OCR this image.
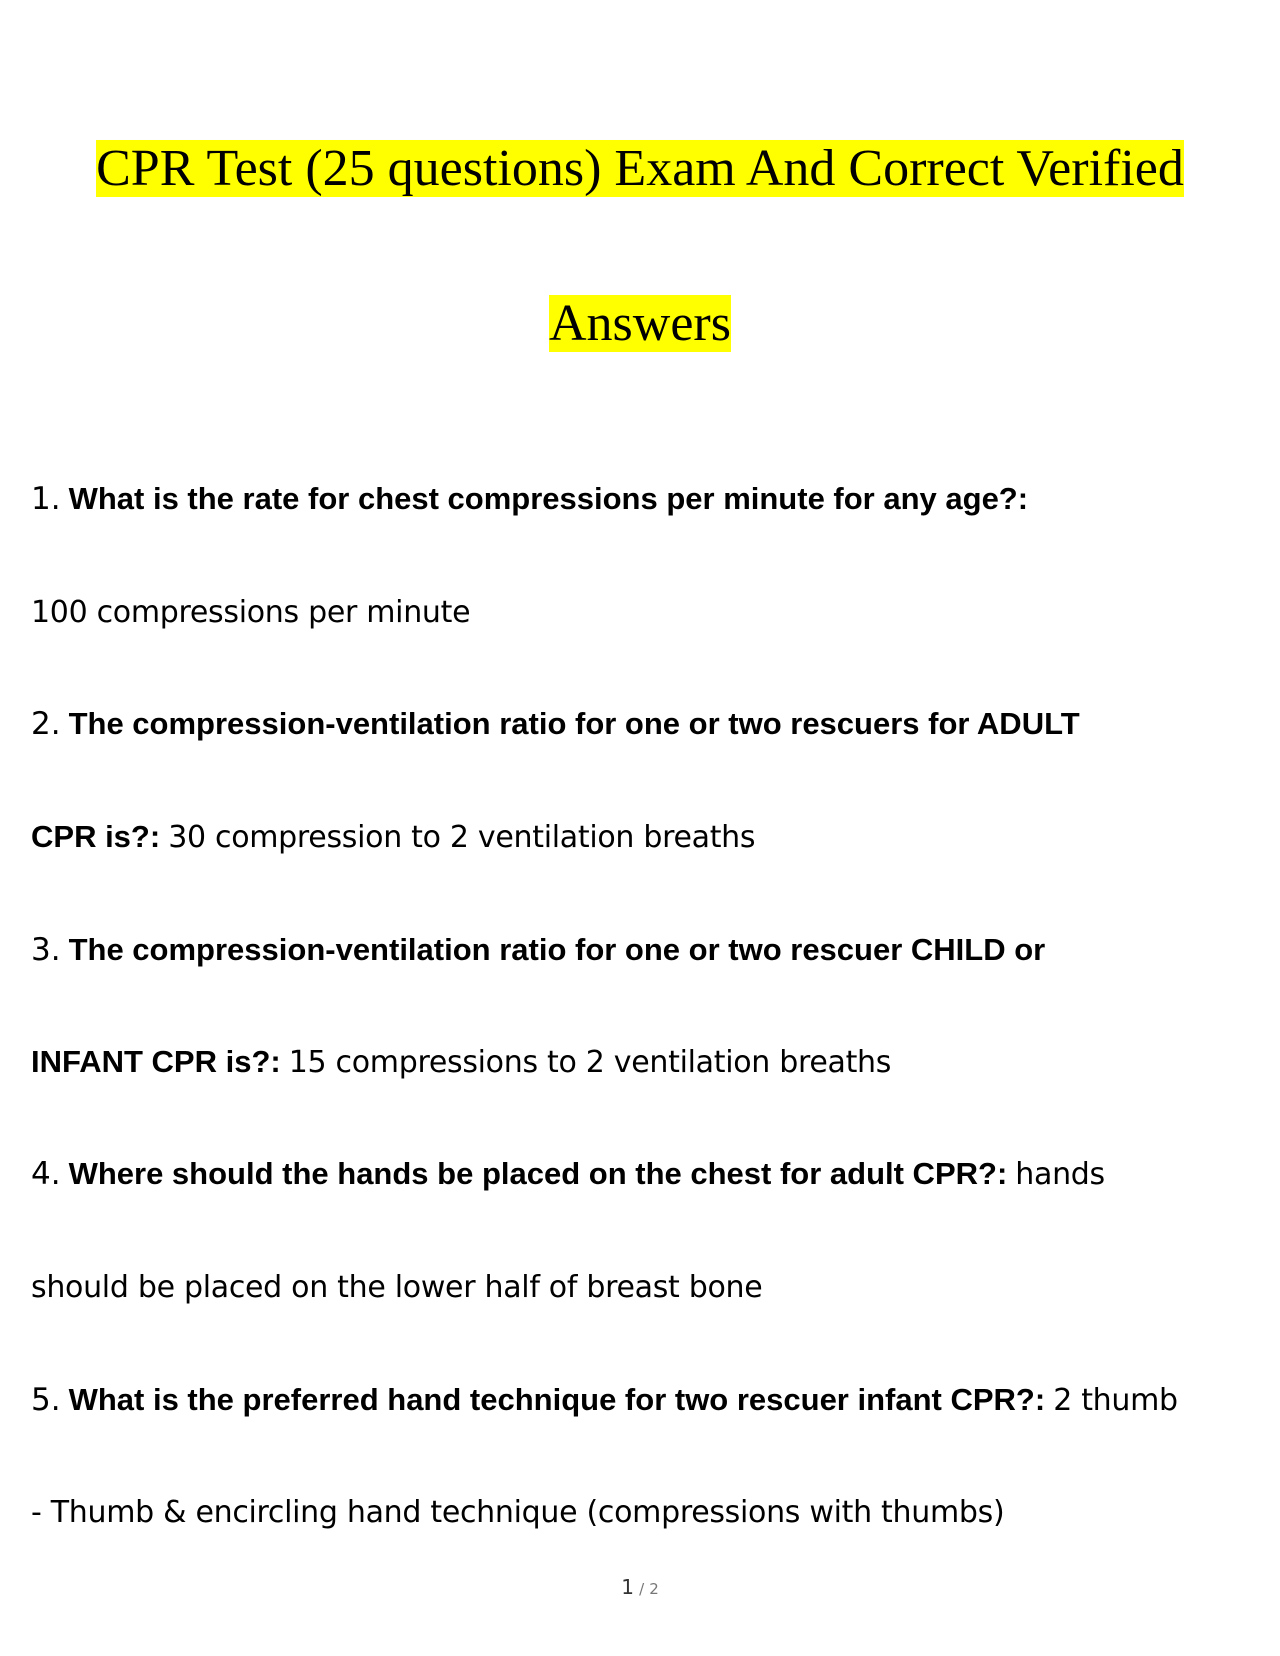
CPR Test (25 questions) Exam And Correct Verified
Answers
1. What is the rate for chest compressions per minute for any age?:
100 compressions per minute
2. The compression-ventilation ratio for one or two rescuers for ADULT
CPR is?: 30 compression to 2 ventilation breaths
3. The compression-ventilation ratio for one or two rescuer CHILD or
INFANT CPR is?: 15 compressions to 2 ventilation breaths
4. Where should the hands be placed on the chest for adult CPR?: hands
should be placed on the lower half of breast bone
5. What is the preferred hand technique for two rescuer infant CPR?: 2 thumb
- Thumb & encircling hand technique (compressions with thumbs)
1 / 2
